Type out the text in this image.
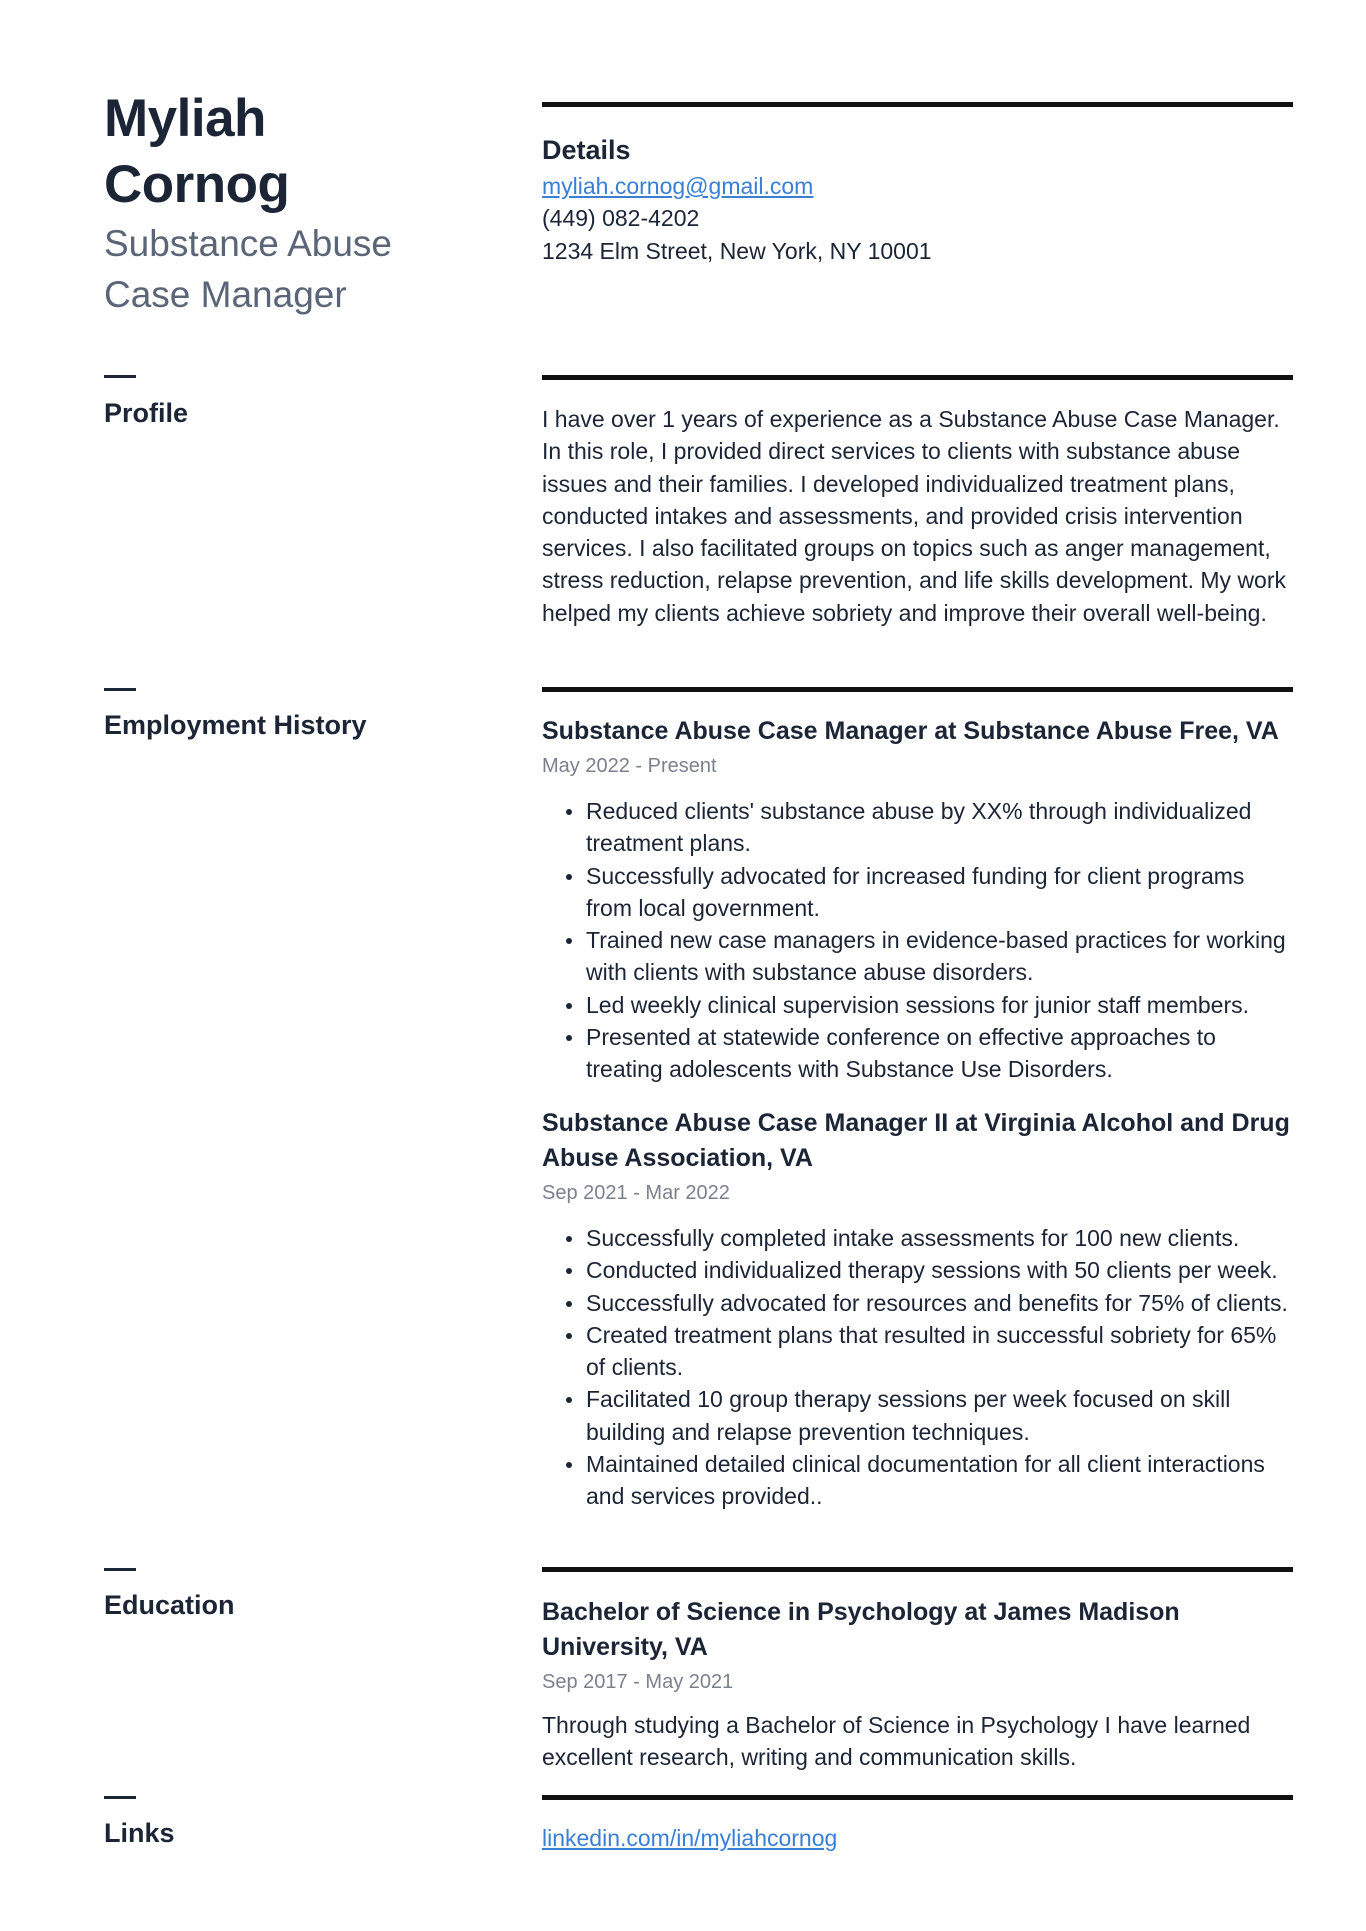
Myliah
Cornog
Substance Abuse
Case Manager
Details
myliah.cornog@gmail.com
(449) 082-4202
1234 Elm Street, New York, NY 10001
Profile	I have over 1 years of experience as a Substance Abuse Case Manager. In this role, I provided direct services to clients with substance abuse issues and their families. I developed individualized treatment plans, conducted intakes and assessments, and provided crisis intervention services. I also facilitated groups on topics such as anger management, stress reduction, relapse prevention, and life skills development. My work helped my clients achieve sobriety and improve their overall well-being.
Employment History	Substance Abuse Case Manager at Substance Abuse Free, VA
May 2022 - Present
Reduced clients' substance abuse by XX% through individualized treatment plans.
Successfully advocated for increased funding for client programs from local government.
Trained new case managers in evidence-based practices for working with clients with substance abuse disorders.
Led weekly clinical supervision sessions for junior staff members.
Presented at statewide conference on effective approaches to treating adolescents with Substance Use Disorders.
Substance Abuse Case Manager II at Virginia Alcohol and Drug Abuse Association, VA
Sep 2021 - Mar 2022
Successfully completed intake assessments for 100 new clients.
Conducted individualized therapy sessions with 50 clients per week.
Successfully advocated for resources and benefits for 75% of clients.
Created treatment plans that resulted in successful sobriety for 65% of clients.
Facilitated 10 group therapy sessions per week focused on skill building and relapse prevention techniques.
Maintained detailed clinical documentation for all client interactions and services provided..
Education	Bachelor of Science in Psychology at James Madison University, VA
Sep 2017 - May 2021
Through studying a Bachelor of Science in Psychology I have learned excellent research, writing and communication skills.
Links	linkedin.com/in/myliahcornog
